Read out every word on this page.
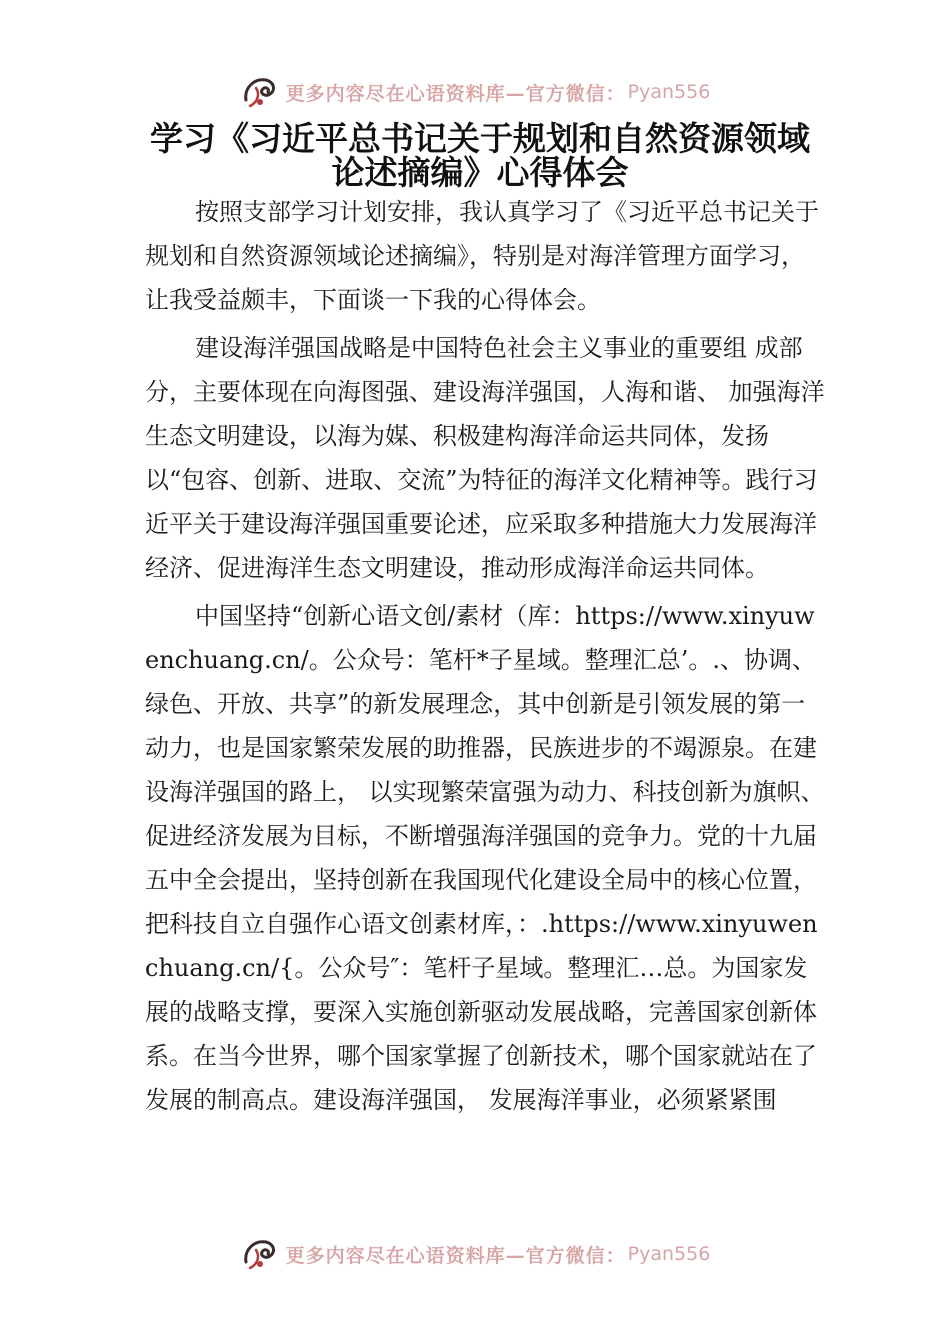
更多内容尽在心语资料库—官方微信： Pyan556
学习《习近平总书记关于规划和自然资源领域论述摘编》心得体会

按照支部学习计划安排，我认真学习了《习近平总书记关于规划和自然资源领域论述摘编》，特别是对海洋管理方面学习，让我受益颇丰，下面谈一下我的心得体会。

建设海洋强国战略是中国特色社会主义事业的重要组 成部分，主要体现在向海图强、建设海洋强国，人海和谐、 加强海洋生态文明建设，以海为媒、积极建构海洋命运共同体，发扬以“包容、创新、进取、交流”为特征的海洋文化精神等。践行习近平关于建设海洋强国重要论述，应采取多种措施大力发展海洋经济、促进海洋生态文明建设，推动形成海洋命运共同体。

中国坚持“创新心语文创/素材（库：https://www.xinyuwenchuang.cn/。公众号：笔杆*子星域。整理汇总’。.、协调、绿色、开放、共享”的新发展理念，其中创新是引领发展的第一动力，也是国家繁荣发展的助推器，民族进步的不竭源泉。在建设海洋强国的路上， 以实现繁荣富强为动力、科技创新为旗帜、促进经济发展为目标，不断增强海洋强国的竞争力。党的十九届五中全会提出，坚持创新在我国现代化建设全局中的核心位置，把科技自立自强作心语文创素材库，：.https://www.xinyuwenchuang.cn/{。公众号″：笔杆子星域。整理汇…总。为国家发展的战略支撑，要深入实施创新驱动发展战略，完善国家创新体系。在当今世界，哪个国家掌握了创新技术，哪个国家就站在了发展的制高点。建设海洋强国， 发展海洋事业，必须紧紧围

更多内容尽在心语资料库—官方微信： Pyan556
